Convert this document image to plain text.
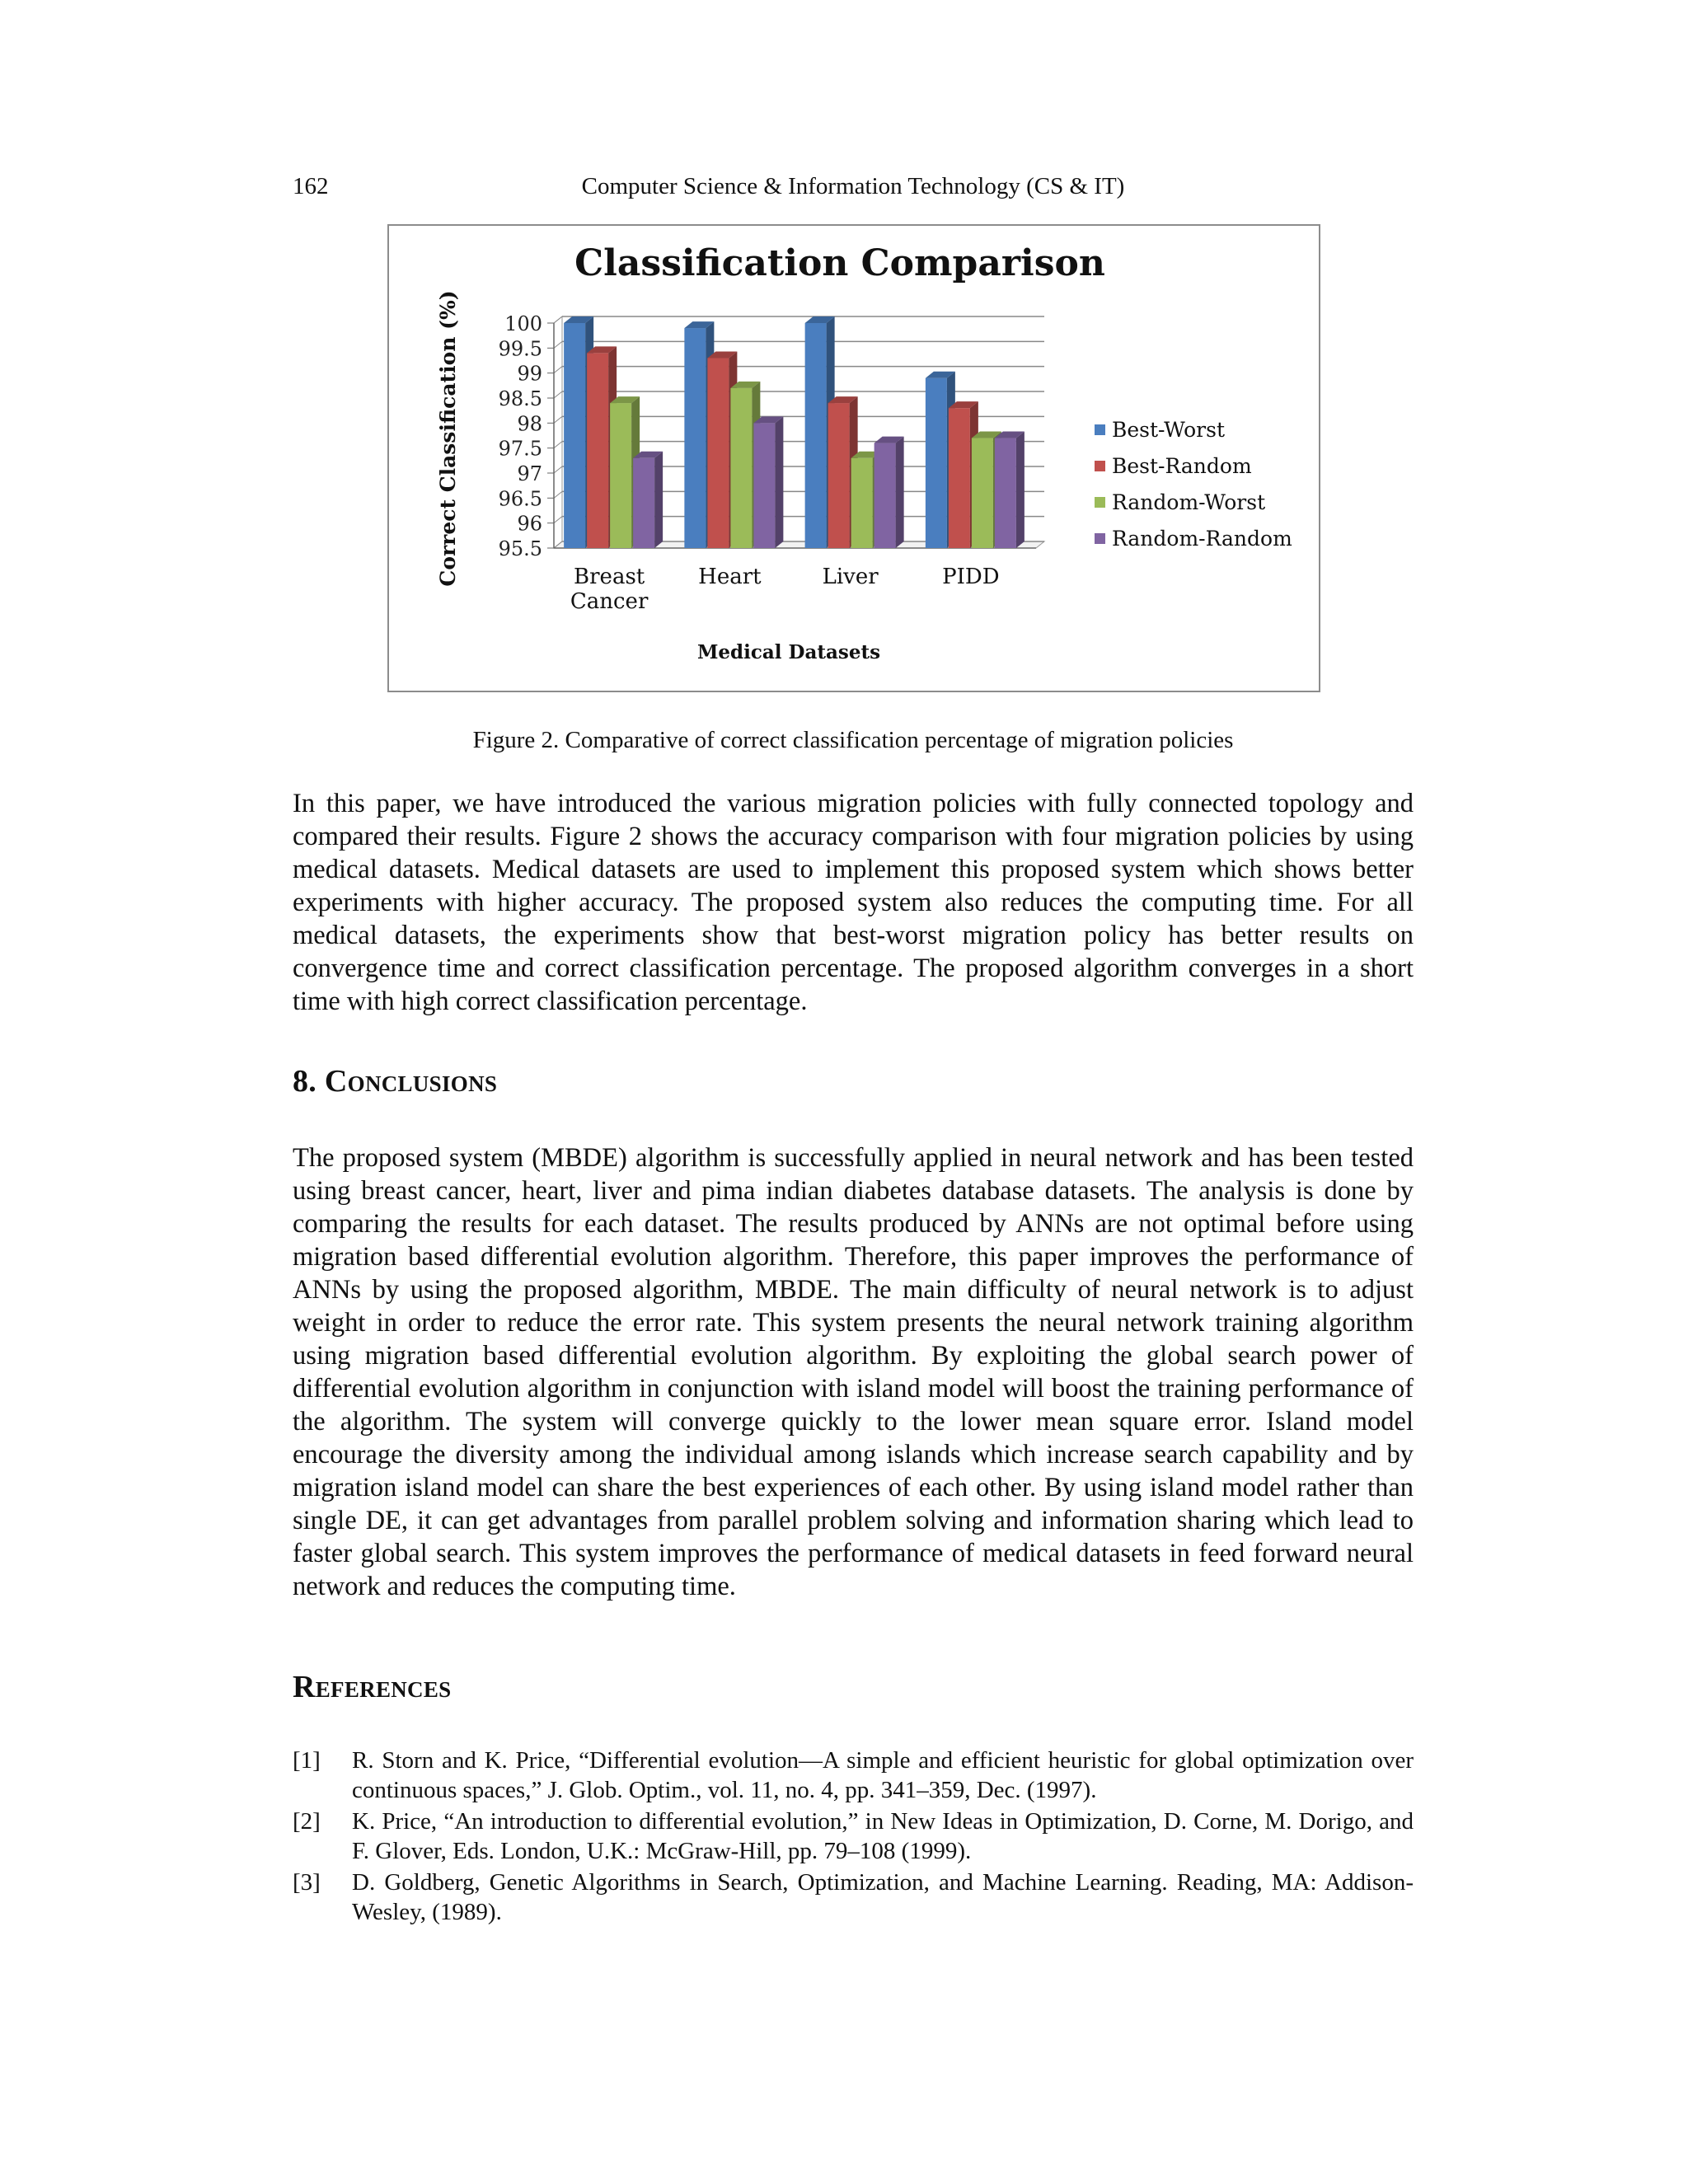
162	Computer Science & Information Technology (CS & IT)
Classification Comparison
100
99.5
99
98.5
98
97.5
97
96.5
96
95.5
Correct Classification (%)	Breast
Cancer
Heart	Liver	PIDD
Medical Datasets
Best-Worst
Best-Random
Random-Worst
Random-Random
Figure 2. Comparative of correct classification percentage of migration policies
In this paper, we have introduced the various migration policies with fully connected topology and compared their results. Figure 2 shows the accuracy comparison with four migration policies by using medical datasets. Medical datasets are used to implement this proposed system which shows better experiments with higher accuracy. The proposed system also reduces the computing time. For all medical datasets, the experiments show that best-worst migration policy has better results on convergence time and correct classification percentage. The proposed algorithm converges in a short time with high correct classification percentage.
8. Conclusions
The proposed system (MBDE) algorithm is successfully applied in neural network and has been tested using breast cancer, heart, liver and pima indian diabetes database datasets. The analysis is done by comparing the results for each dataset. The results produced by ANNs are not optimal before using migration based differential evolution algorithm. Therefore, this paper improves the performance of ANNs by using the proposed algorithm, MBDE. The main difficulty of neural network is to adjust weight in order to reduce the error rate. This system presents the neural network training algorithm using migration based differential evolution algorithm. By exploiting the global search power of differential evolution algorithm in conjunction with island model will boost the training performance of the algorithm. The system will converge quickly to the lower mean square error. Island model encourage the diversity among the individual among islands which increase search capability and by migration island model can share the best experiences of each other. By using island model rather than single DE, it can get advantages from parallel problem solving and information sharing which lead to faster global search. This system improves the performance of medical datasets in feed forward neural network and reduces the computing time.
References
[1] R. Storn and K. Price, “Differential evolution—A simple and efficient heuristic for global optimization over continuous spaces,” J. Glob. Optim., vol. 11, no. 4, pp. 341–359, Dec. (1997).
[2] K. Price, “An introduction to differential evolution,” in New Ideas in Optimization, D. Corne, M. Dorigo, and F. Glover, Eds. London, U.K.: McGraw-Hill, pp. 79–108 (1999).
[3] D. Goldberg, Genetic Algorithms in Search, Optimization, and Machine Learning. Reading, MA: Addison-Wesley, (1989).
